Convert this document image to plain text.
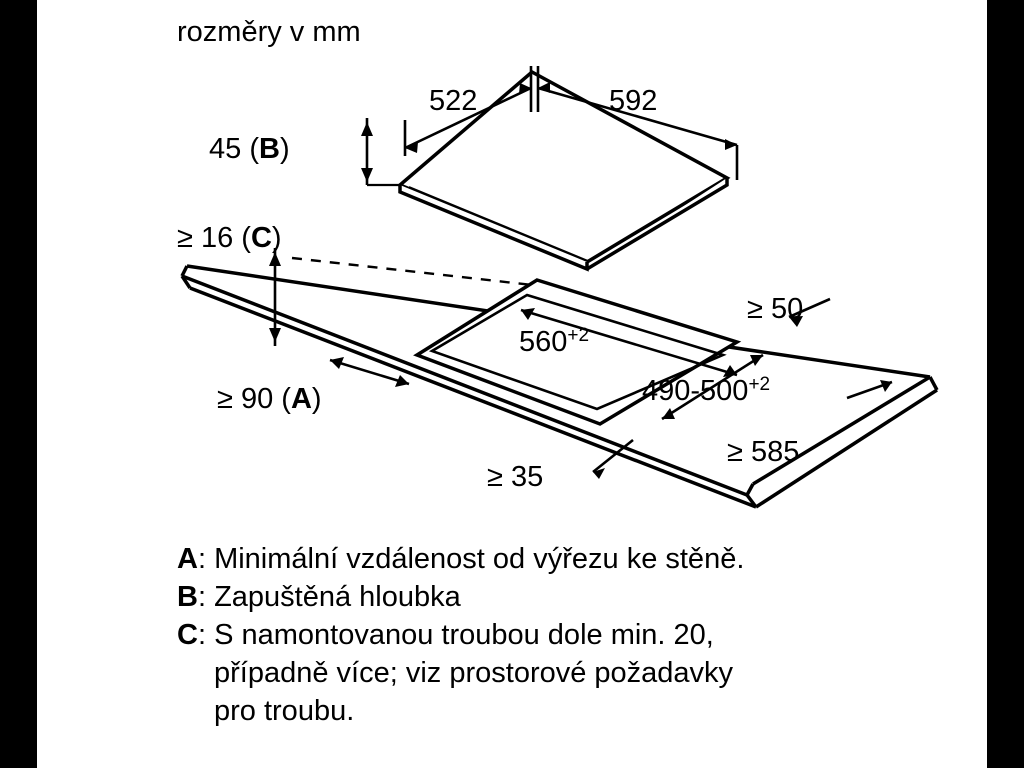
rozměry v mm
522	592
45 (B)
≥ 16 (C)
≥ 90 (A)
$560^{+2}$
$490-500^{+2}$
≥ 35
≥ 50
≥ 585
A: Minimální vzdálenost od výřezu ke stěně.
B: Zapuštěná hloubka
C: S namontovanou troubou dole min. 20,
případně více; viz prostorové požadavky
pro troubu.
